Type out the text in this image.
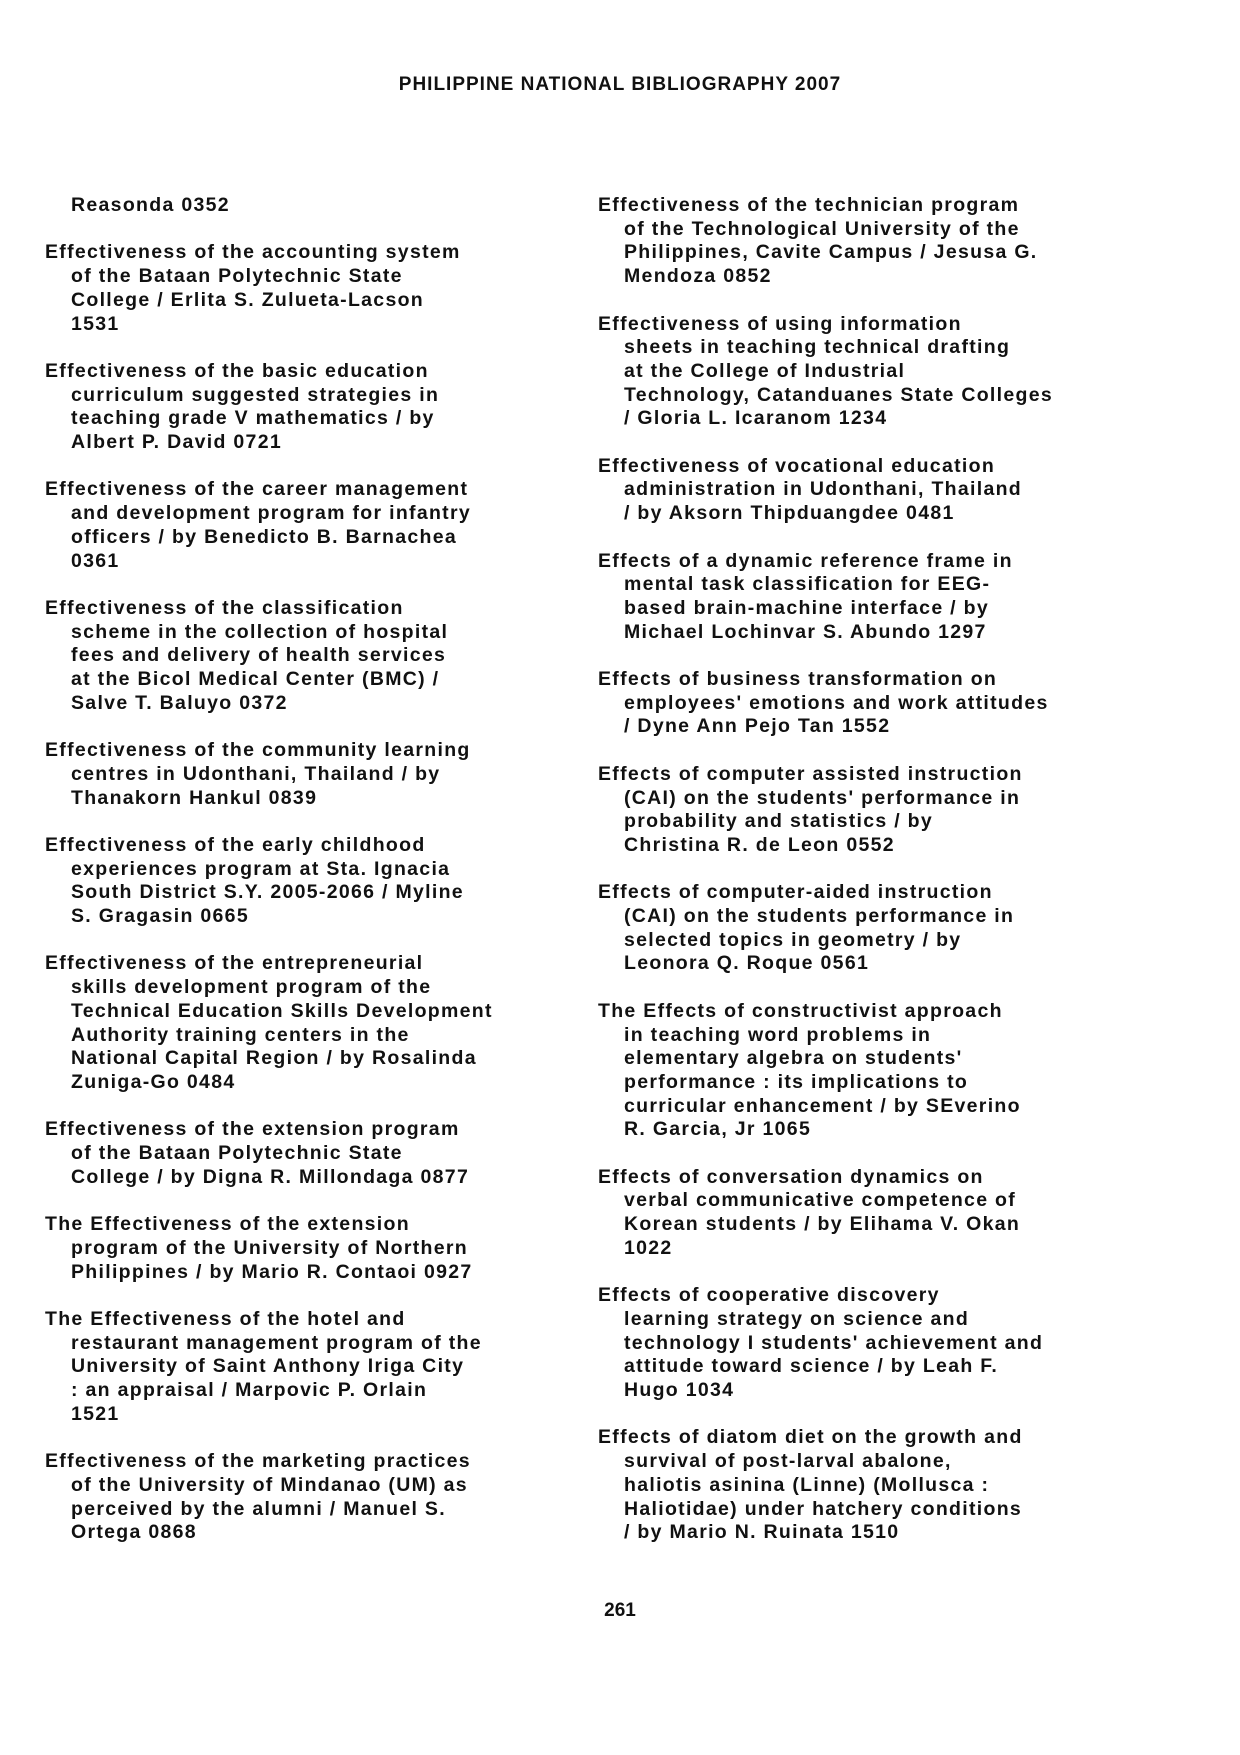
PHILIPPINE NATIONAL BIBLIOGRAPHY 2007

Reasonda 0352

Effectiveness of the accounting system
of the Bataan Polytechnic State
College / Erlita S. Zulueta-Lacson
1531

Effectiveness of the basic education
curriculum suggested strategies in
teaching grade V mathematics / by
Albert P. David 0721

Effectiveness of the career management
and development program for infantry
officers / by Benedicto B. Barnachea
0361

Effectiveness of the classification
scheme in the collection of hospital
fees and delivery of health services
at the Bicol Medical Center (BMC) /
Salve T. Baluyo 0372

Effectiveness of the community learning
centres in Udonthani, Thailand / by
Thanakorn Hankul 0839

Effectiveness of the early childhood
experiences program at Sta. Ignacia
South District S.Y. 2005-2066 / Myline
S. Gragasin 0665

Effectiveness of the entrepreneurial
skills development program of the
Technical Education Skills Development
Authority training centers in the
National Capital Region / by Rosalinda
Zuniga-Go 0484

Effectiveness of the extension program
of the Bataan Polytechnic State
College / by Digna R. Millondaga 0877

The Effectiveness of the extension
program of the University of Northern
Philippines / by Mario R. Contaoi 0927

The Effectiveness of the hotel and
restaurant management program of the
University of Saint Anthony Iriga City
: an appraisal / Marpovic P. Orlain
1521

Effectiveness of the marketing practices
of the University of Mindanao (UM) as
perceived by the alumni / Manuel S.
Ortega 0868

Effectiveness of the technician program
of the Technological University of the
Philippines, Cavite Campus / Jesusa G.
Mendoza 0852

Effectiveness of using information
sheets in teaching technical drafting
at the College of Industrial
Technology, Catanduanes State Colleges
/ Gloria L. Icaranom 1234

Effectiveness of vocational education
administration in Udonthani, Thailand
/ by Aksorn Thipduangdee 0481

Effects of a dynamic reference frame in
mental task classification for EEG-
based brain-machine interface / by
Michael Lochinvar S. Abundo 1297

Effects of business transformation on
employees' emotions and work attitudes
/ Dyne Ann Pejo Tan 1552

Effects of computer assisted instruction
(CAI) on the students' performance in
probability and statistics / by
Christina R. de Leon 0552

Effects of computer-aided instruction
(CAI) on the students performance in
selected topics in geometry / by
Leonora Q. Roque 0561

The Effects of constructivist approach
in teaching word problems in
elementary algebra on students'
performance : its implications to
curricular enhancement / by SEverino
R. Garcia, Jr 1065

Effects of conversation dynamics on
verbal communicative competence of
Korean students / by Elihama V. Okan
1022

Effects of cooperative discovery
learning strategy on science and
technology I students' achievement and
attitude toward science / by Leah F.
Hugo 1034

Effects of diatom diet on the growth and
survival of post-larval abalone,
haliotis asinina (Linne) (Mollusca :
Haliotidae) under hatchery conditions
/ by Mario N. Ruinata 1510

261
